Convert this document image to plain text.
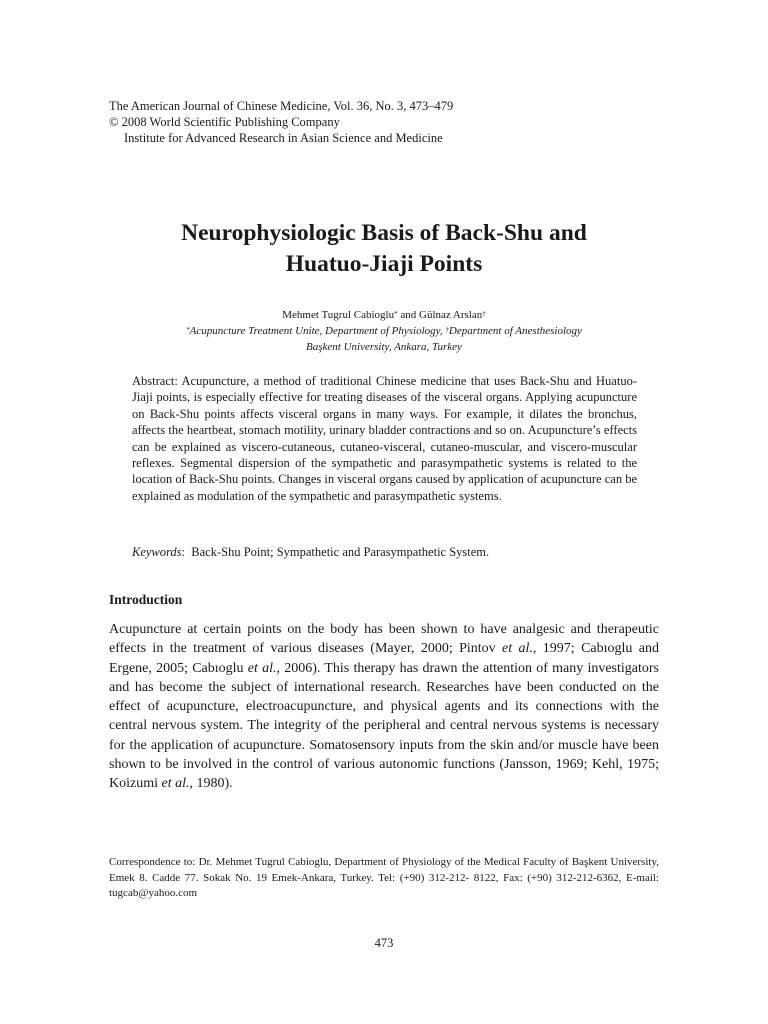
The American Journal of Chinese Medicine, Vol. 36, No. 3, 473–479
© 2008 World Scientific Publishing Company
Institute for Advanced Research in Asian Science and Medicine
Neurophysiologic Basis of Back-Shu and
Huatuo-Jiaji Points
Mehmet Tugrul Cabioglu* and Gülnaz Arslan†
*Acupuncture Treatment Unite, Department of Physiology, †Department of Anesthesiology
Başkent University, Ankara, Turkey
Abstract: Acupuncture, a method of traditional Chinese medicine that uses Back-Shu and Huatuo-Jiaji points, is especially effective for treating diseases of the visceral organs. Applying acupuncture on Back-Shu points affects visceral organs in many ways. For example, it dilates the bronchus, affects the heartbeat, stomach motility, urinary bladder contractions and so on. Acupuncture’s effects can be explained as viscero-cutaneous, cutaneo-visceral, cutaneo-muscular, and viscero-muscular reflexes. Segmental dispersion of the sympathetic and parasympathetic systems is related to the location of Back-Shu points. Changes in visceral organs caused by application of acupuncture can be explained as modulation of the sympathetic and parasympathetic systems.
Keywords: Back-Shu Point; Sympathetic and Parasympathetic System.
Introduction
Acupuncture at certain points on the body has been shown to have analgesic and therapeutic effects in the treatment of various diseases (Mayer, 2000; Pintov et al., 1997; Cabıoglu and Ergene, 2005; Cabıoglu et al., 2006). This therapy has drawn the attention of many investigators and has become the subject of international research. Researches have been conducted on the effect of acupuncture, electroacupuncture, and physical agents and its connections with the central nervous system. The integrity of the peripheral and central nervous systems is necessary for the application of acupuncture. Somatosensory inputs from the skin and/or muscle have been shown to be involved in the control of various autonomic functions (Jansson, 1969; Kehl, 1975; Koizumi et al., 1980).
Correspondence to: Dr. Mehmet Tugrul Cabioglu, Department of Physiology of the Medical Faculty of Başkent University, Emek 8. Cadde 77. Sokak No. 19 Emek-Ankara, Turkey. Tel: (+90) 312-212- 8122, Fax: (+90) 312-212-6362, E-mail: tugcab@yahoo.com
473
